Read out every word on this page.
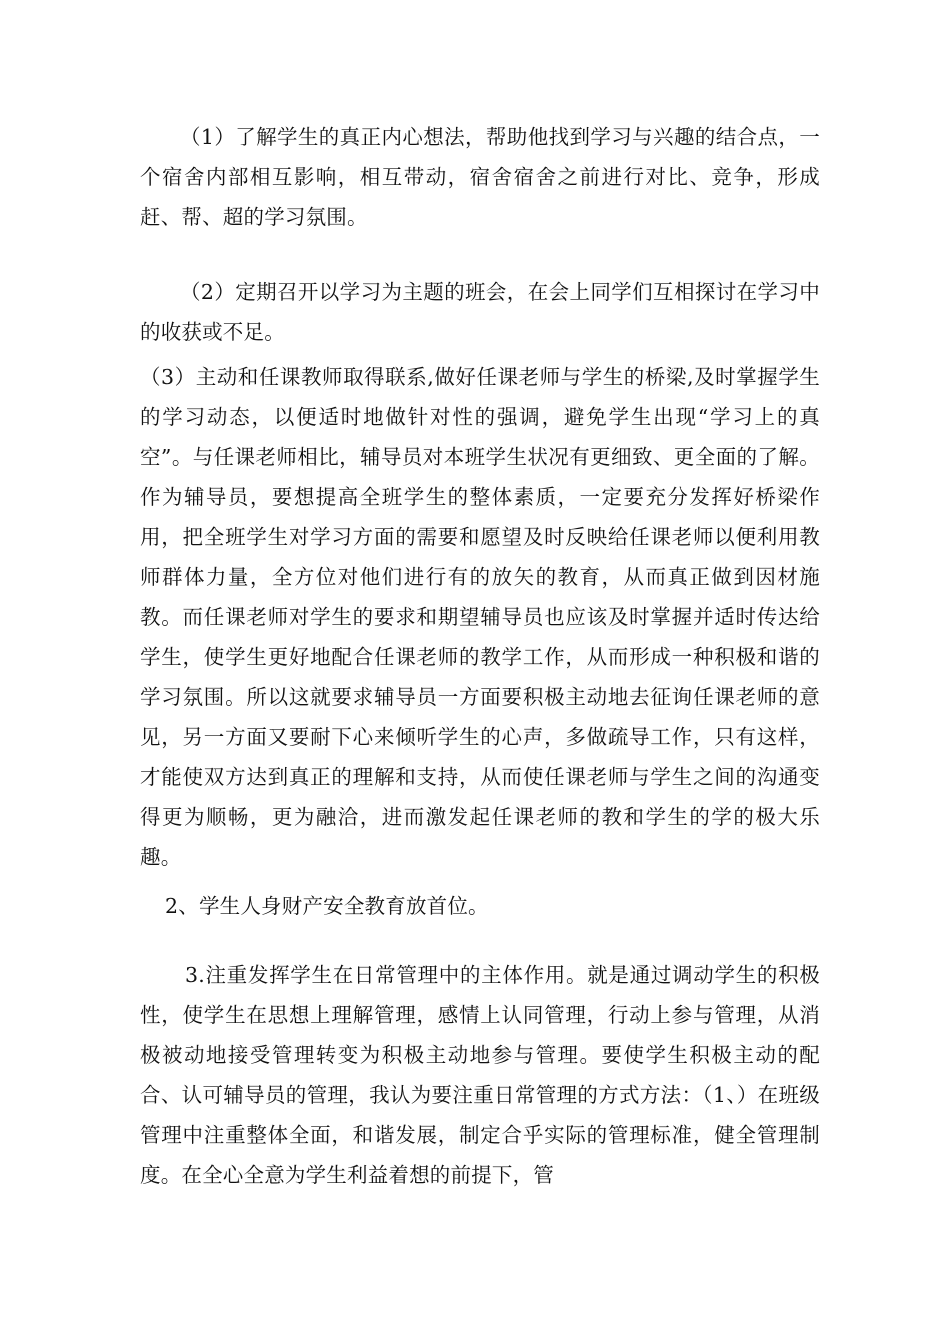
（1）了解学生的真正内心想法，帮助他找到学习与兴趣的结合点，一个宿舍内部相互影响，相互带动，宿舍宿舍之前进行对比、竞争，形成赶、帮、超的学习氛围。

（2）定期召开以学习为主题的班会，在会上同学们互相探讨在学习中的收获或不足。

（3）主动和任课教师取得联系,做好任课老师与学生的桥梁,及时掌握学生的学习动态，以便适时地做针对性的强调，避免学生出现“学习上的真空”。与任课老师相比，辅导员对本班学生状况有更细致、更全面的了解。作为辅导员，要想提高全班学生的整体素质，一定要充分发挥好桥梁作用，把全班学生对学习方面的需要和愿望及时反映给任课老师以便利用教师群体力量，全方位对他们进行有的放矢的教育，从而真正做到因材施教。而任课老师对学生的要求和期望辅导员也应该及时掌握并适时传达给学生，使学生更好地配合任课老师的教学工作，从而形成一种积极和谐的学习氛围。所以这就要求辅导员一方面要积极主动地去征询任课老师的意见，另一方面又要耐下心来倾听学生的心声，多做疏导工作，只有这样，才能使双方达到真正的理解和支持，从而使任课老师与学生之间的沟通变得更为顺畅，更为融洽，进而激发起任课老师的教和学生的学的极大乐趣。

2、学生人身财产安全教育放首位。

3.注重发挥学生在日常管理中的主体作用。就是通过调动学生的积极性，使学生在思想上理解管理，感情上认同管理，行动上参与管理，从消极被动地接受管理转变为积极主动地参与管理。要使学生积极主动的配合、认可辅导员的管理，我认为要注重日常管理的方式方法：（1、）在班级管理中注重整体全面，和谐发展，制定合乎实际的管理标准，健全管理制度。在全心全意为学生利益着想的前提下，管
